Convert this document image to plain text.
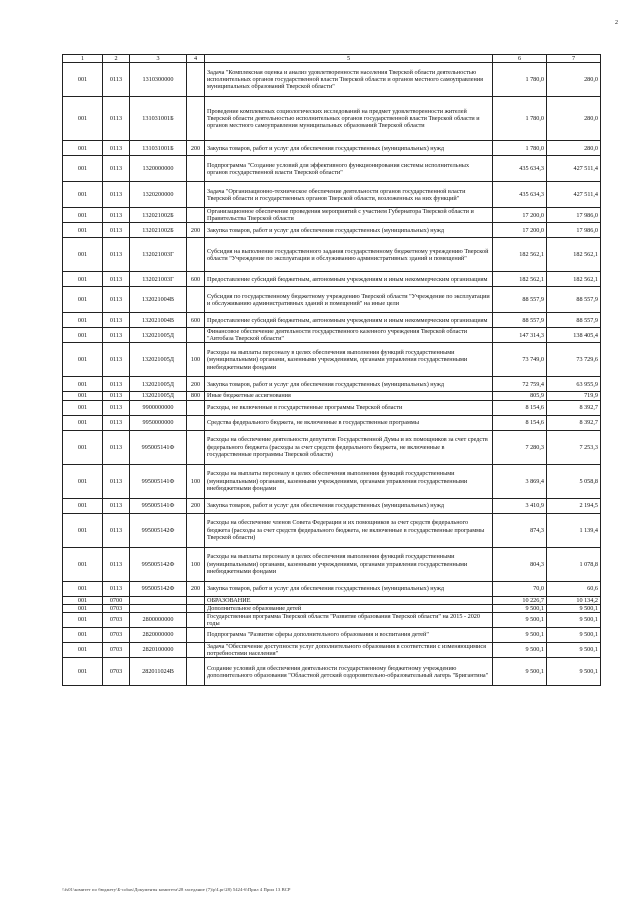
2
1	2	3	4	5	6	7
001	0113	1310300000		Задача "Комплексная оценка и анализ удовлетворенности населения Тверской области деятельностью исполнительных органов государственной власти Тверской области и органов местного самоуправления муниципальных образований Тверской области"	1 780,0	280,0
001	0113	131031001Б		Проведение комплексных социологических исследований на предмет удовлетворенности жителей Тверской области деятельностью исполнительных органов государственной власти Тверской области и органов местного самоуправления муниципальных образований Тверской области	1 780,0	280,0
001	0113	131031001Б	200	Закупка товаров, работ и услуг для обеспечения государственных (муниципальных) нужд	1 780,0	280,0
001	0113	1320000000		Подпрограмма "Создание условий для эффективного функционирования системы исполнительных органов государственной власти Тверской области"	435 634,3	427 511,4
001	0113	1320200000		Задача "Организационно-техническое обеспечение деятельности органов государственной власти Тверской области и государственных органов Тверской области, возложенных на них функций"	435 634,3	427 511,4
001	0113	132021002Б		Организационное обеспечение проведения мероприятий с участием Губернатора Тверской области и Правительства Тверской области	17 200,0	17 986,0
001	0113	132021002Б	200	Закупка товаров, работ и услуг для обеспечения государственных (муниципальных) нужд	17 200,0	17 986,0
001	0113	132021003Г		Субсидия на выполнение государственного задания государственному бюджетному учреждению Тверской области "Учреждение по эксплуатации и обслуживанию административных зданий и помещений"	182 562,1	182 562,1
001	0113	132021003Г	600	Предоставление субсидий бюджетным, автономным учреждениям и иным некоммерческим организациям	182 562,1	182 562,1
001	0113	132021004В		Субсидия по государственному бюджетному учреждению Тверской области "Учреждение по эксплуатации и обслуживанию административных зданий и помещений" на иные цели	88 557,9	88 557,9
001	0113	132021004В	600	Предоставление субсидий бюджетным, автономным учреждениям и иным некоммерческим организациям	88 557,9	88 557,9
001	0113	132021005Д		Финансовое обеспечение деятельности государственного казенного учреждения Тверской области "Автобаза Тверской области"	147 314,3	138 405,4
001	0113	132021005Д	100	Расходы на выплаты персоналу в целях обеспечения выполнения функций государственными (муниципальными) органами, казенными учреждениями, органами управления государственными внебюджетными фондами	73 749,0	73 729,6
001	0113	132021005Д	200	Закупка товаров, работ и услуг для обеспечения государственных (муниципальных) нужд	72 759,4	63 955,9
001	0113	132021005Д	800	Иные бюджетные ассигнования	805,9	719,9
001	0113	9900000000		Расходы, не включенные в государственные программы Тверской области	8 154,6	8 392,7
001	0113	9950000000		Средства федерального бюджета, не включенные в государственные программы	8 154,6	8 392,7
001	0113	995005141Ф		Расходы на обеспечение деятельности депутатов Государственной Думы и их помощников за счет средств федерального бюджета (расходы за счет средств федерального бюджета, не включенные в государственные программы Тверской области)	7 280,3	7 253,3
001	0113	995005141Ф	100	Расходы на выплаты персоналу в целях обеспечения выполнения функций государственными (муниципальными) органами, казенными учреждениями, органами управления государственными внебюджетными фондами	3 869,4	5 058,8
001	0113	995005141Ф	200	Закупка товаров, работ и услуг для обеспечения государственных (муниципальных) нужд	3 410,9	2 194,5
001	0113	995005142Ф		Расходы на обеспечение членов Совета Федерации и их помощников за счет средств федерального бюджета (расходы за счет средств федерального бюджета, не включенные в государственные программы Тверской области)	874,3	1 139,4
001	0113	995005142Ф	100	Расходы на выплаты персоналу в целях обеспечения выполнения функций государственными (муниципальными) органами, казенными учреждениями, органами управления государственными внебюджетными фондами	804,3	1 078,8
001	0113	995005142Ф	200	Закупка товаров, работ и услуг для обеспечения государственных (муниципальных) нужд	70,0	60,6
001	0700			ОБРАЗОВАНИЕ	10 226,7	10 134,2
001	0703			Дополнительное образование детей	9 500,1	9 500,1
001	0703	2800000000		Государственная программа Тверской области "Развитие образования Тверской области" на 2015 - 2020 годы	9 500,1	9 500,1
001	0703	2820000000		Подпрограмма "Развитие сферы дополнительного образования и воспитания детей"	9 500,1	9 500,1
001	0703	2820100000		Задача "Обеспечение доступности услуг дополнительного образования в соответствии с изменяющимися потребностями населения"	9 500,1	9 500,1
001	0703	282011024В		Создание условий для обеспечения деятельности государственному бюджетному учреждению дополнительного образования "Областной детский оздоровительно-образовательный лагерь "Бригантина"	9 500,1	9 500,1
\\fs01\комитет по бюджету\Б-cobas\Документы комитета\28 заседание (7)\p\Lpr\28) 5424-6\Прил 4 Прил 13 BCP
